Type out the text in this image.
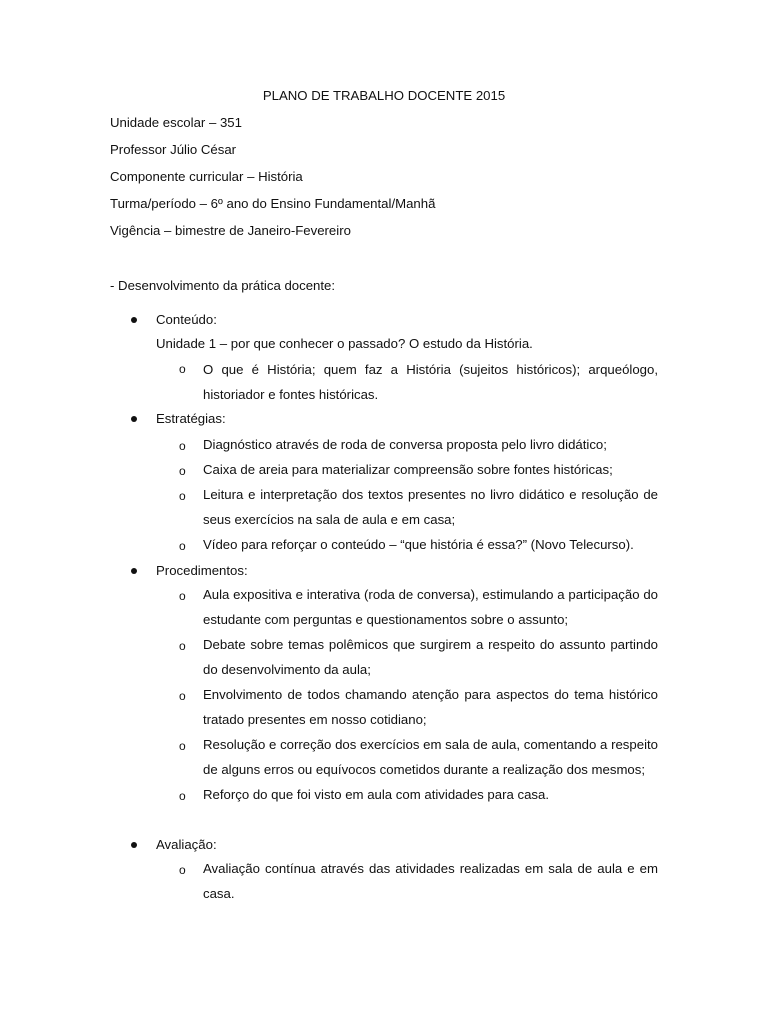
PLANO DE TRABALHO DOCENTE 2015
Unidade escolar – 351
Professor Júlio César
Componente curricular – História
Turma/período – 6º ano do Ensino Fundamental/Manhã
Vigência – bimestre de Janeiro-Fevereiro
- Desenvolvimento da prática docente:
Conteúdo:
Unidade 1 – por que conhecer o passado? O estudo da História.
o O que é História; quem faz a História (sujeitos históricos); arqueólogo, historiador e fontes históricas.
Estratégias:
o Diagnóstico através de roda de conversa proposta pelo livro didático;
o Caixa de areia para materializar compreensão sobre fontes históricas;
o Leitura e interpretação dos textos presentes no livro didático e resolução de seus exercícios na sala de aula e em casa;
o Vídeo para reforçar o conteúdo – “que história é essa?” (Novo Telecurso).
Procedimentos:
o Aula expositiva e interativa (roda de conversa), estimulando a participação do estudante com perguntas e questionamentos sobre o assunto;
o Debate sobre temas polêmicos que surgirem a respeito do assunto partindo do desenvolvimento da aula;
o Envolvimento de todos chamando atenção para aspectos do tema histórico tratado presentes em nosso cotidiano;
o Resolução e correção dos exercícios em sala de aula, comentando a respeito de alguns erros ou equívocos cometidos durante a realização dos mesmos;
o Reforço do que foi visto em aula com atividades para casa.
Avaliação:
o Avaliação contínua através das atividades realizadas em sala de aula e em casa.
